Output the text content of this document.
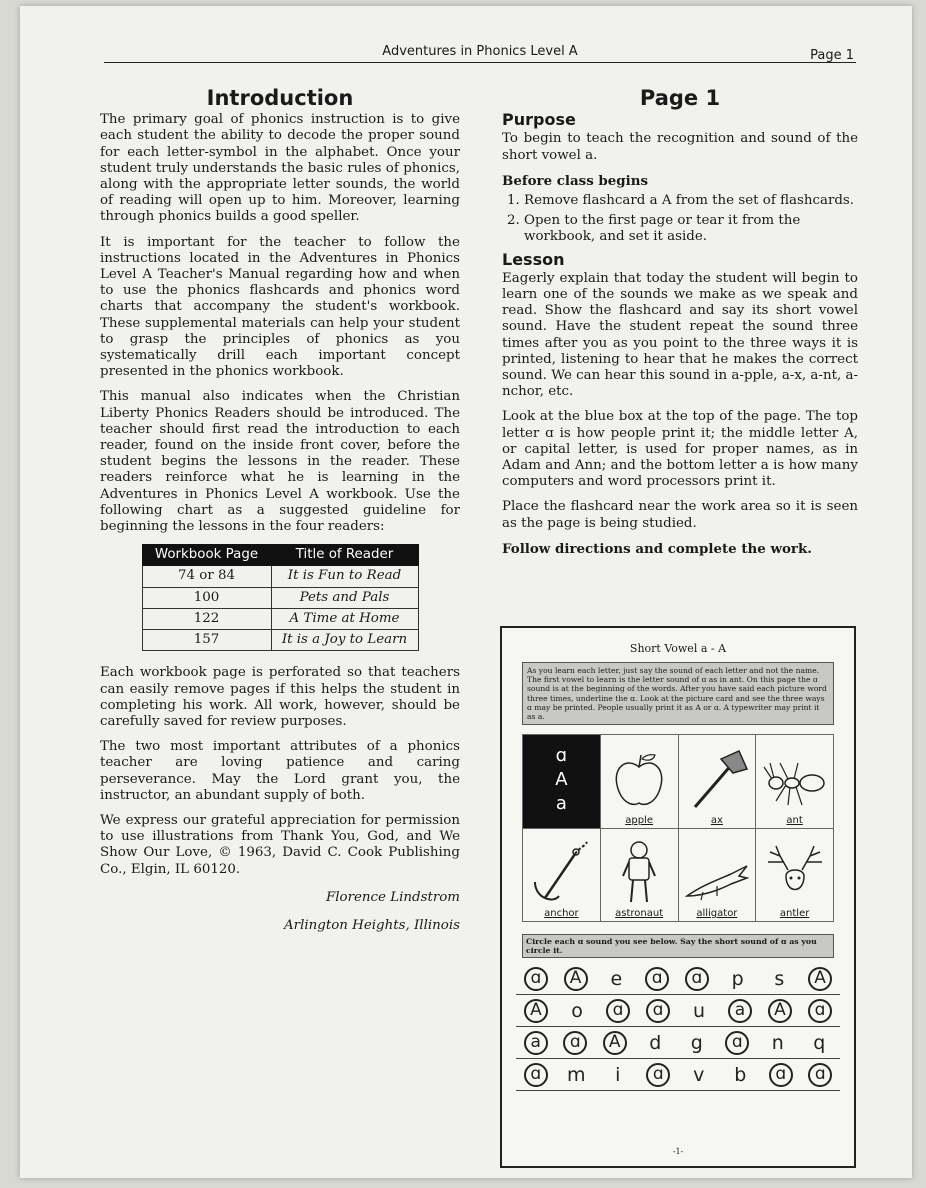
Adventures in Phonics Level A	Page 1
Introduction

The primary goal of phonics instruction is to give each student the ability to decode the proper sound for each letter-symbol in the alphabet. Once your student truly understands the basic rules of phonics, along with the appropriate letter sounds, the world of reading will open up to him. Moreover, learning through phonics builds a good speller.

It is important for the teacher to follow the instructions located in the Adventures in Phonics Level A Teacher's Manual regarding how and when to use the phonics flashcards and phonics word charts that accompany the student's workbook. These supplemental materials can help your student to grasp the principles of phonics as you systematically drill each important concept presented in the phonics workbook.

This manual also indicates when the Christian Liberty Phonics Readers should be introduced. The teacher should first read the introduction to each reader, found on the inside front cover, before the student begins the lessons in the reader. These readers reinforce what he is learning in the Adventures in Phonics Level A workbook. Use the following chart as a suggested guideline for beginning the lessons in the four readers:

Workbook Page	Title of Reader
74 or 84	It is Fun to Read
100	Pets and Pals
122	A Time at Home
157	It is a Joy to Learn

Each workbook page is perforated so that teachers can easily remove pages if this helps the student in completing his work. All work, however, should be carefully saved for review purposes.

The two most important attributes of a phonics teacher are loving patience and caring perseverance. May the Lord grant you, the instructor, an abundant supply of both.

We express our grateful appreciation for permission to use illustrations from Thank You, God, and We Show Our Love, © 1963, David C. Cook Publishing Co., Elgin, IL 60120.

Florence Lindstrom
Arlington Heights, Illinois
Page 1
Purpose

To begin to teach the recognition and sound of the short vowel a.

Before class begins
1. Remove flashcard a A from the set of flashcards.
2. Open to the first page or tear it from the workbook, and set it aside.
Lesson

Eagerly explain that today the student will begin to learn one of the sounds we make as we speak and read. Show the flashcard and say its short vowel sound. Have the student repeat the sound three times after you as you point to the three ways it is printed, listening to hear that he makes the correct sound. We can hear this sound in a-pple, a-x, a-nt, a-nchor, etc.

Look at the blue box at the top of the page. The top letter ɑ is how people print it; the middle letter A, or capital letter, is used for proper names, as in Adam and Ann; and the bottom letter a is how many computers and word processors print it.

Place the flashcard near the work area so it is seen as the page is being studied.

Follow directions and complete the work.
Short Vowel a - A
As you learn each letter, just say the sound of each letter and not the name. The first vowel to learn is the letter sound of ɑ as in ant. On this page the ɑ sound is at the beginning of the words. After you have said each picture word three times, underline the ɑ. Look at the picture card and see the three ways ɑ may be printed. People usually print it as A or ɑ. A typewriter may print it as a.
ɑ
A
a	apple	ax	ant

anchor	astronaut	alligator	antler
Circle each ɑ sound you see below. Say the short sound of ɑ as you circle it.
ɑ	A	e	ɑ	ɑ	p	s	A
A	o	ɑ	ɑ	u	a	A	ɑ
a	ɑ	A	d	g	ɑ	n	q
ɑ	m	i	ɑ	v	b	ɑ	ɑ
-1-
